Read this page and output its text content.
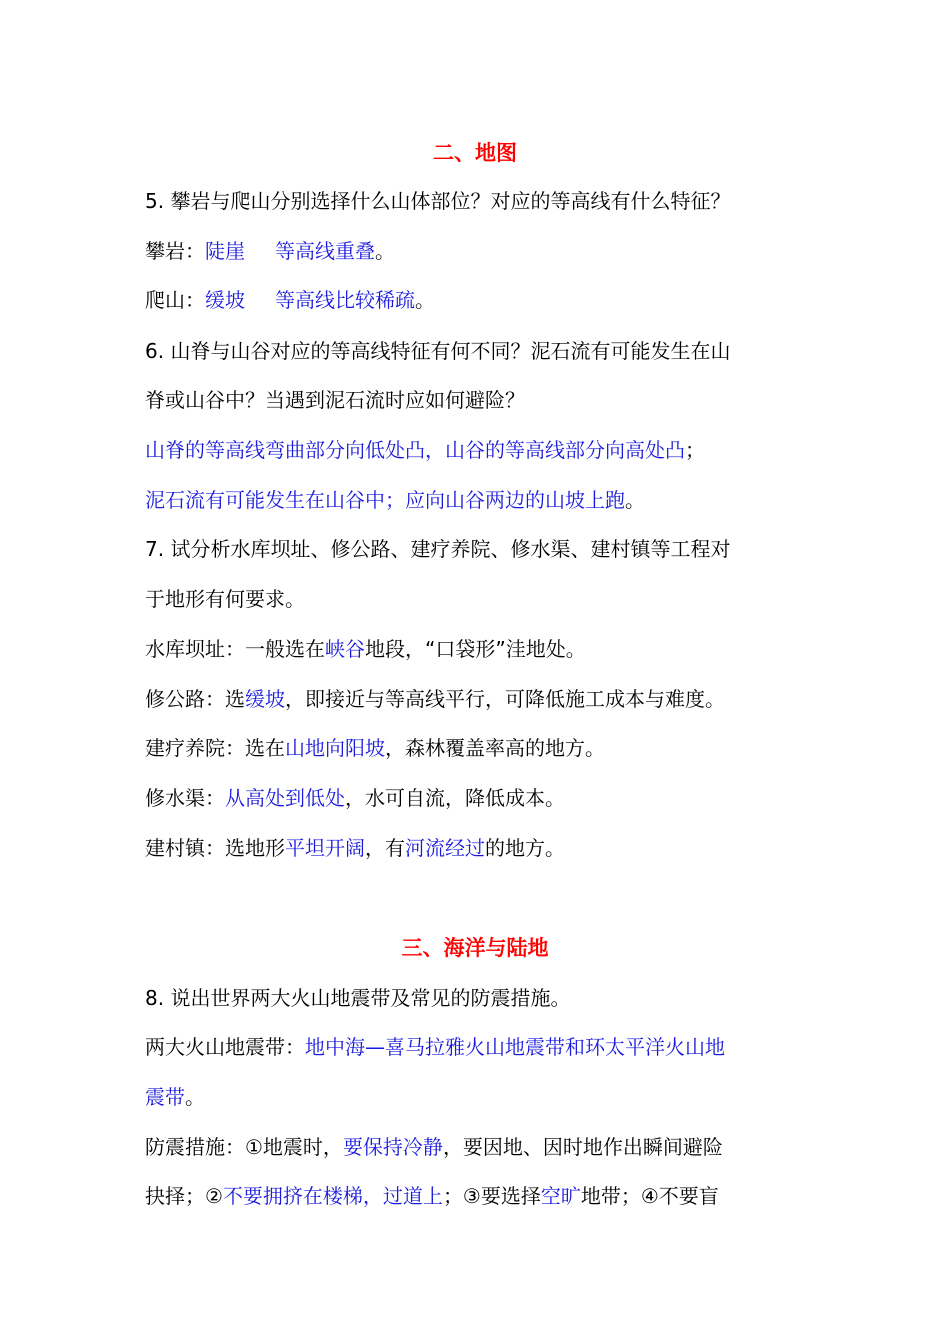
二、地图
5. 攀岩与爬山分别选择什么山体部位？对应的等高线有什么特征？
攀岩：陡崖 等高线重叠。
爬山：缓坡 等高线比较稀疏。
6. 山脊与山谷对应的等高线特征有何不同？泥石流有可能发生在山
脊或山谷中？当遇到泥石流时应如何避险？
山脊的等高线弯曲部分向低处凸，山谷的等高线部分向高处凸；
泥石流有可能发生在山谷中；应向山谷两边的山坡上跑。
7. 试分析水库坝址、修公路、建疗养院、修水渠、建村镇等工程对
于地形有何要求。
水库坝址：一般选在峡谷地段，“口袋形”洼地处。
修公路：选缓坡，即接近与等高线平行，可降低施工成本与难度。
建疗养院：选在山地向阳坡，森林覆盖率高的地方。
修水渠：从高处到低处，水可自流，降低成本。
建村镇：选地形平坦开阔，有河流经过的地方。
三、海洋与陆地
8. 说出世界两大火山地震带及常见的防震措施。
两大火山地震带：地中海—喜马拉雅火山地震带和环太平洋火山地
震带。
防震措施：①地震时，要保持冷静，要因地、因时地作出瞬间避险
抉择；②不要拥挤在楼梯，过道上；③要选择空旷地带；④不要盲
